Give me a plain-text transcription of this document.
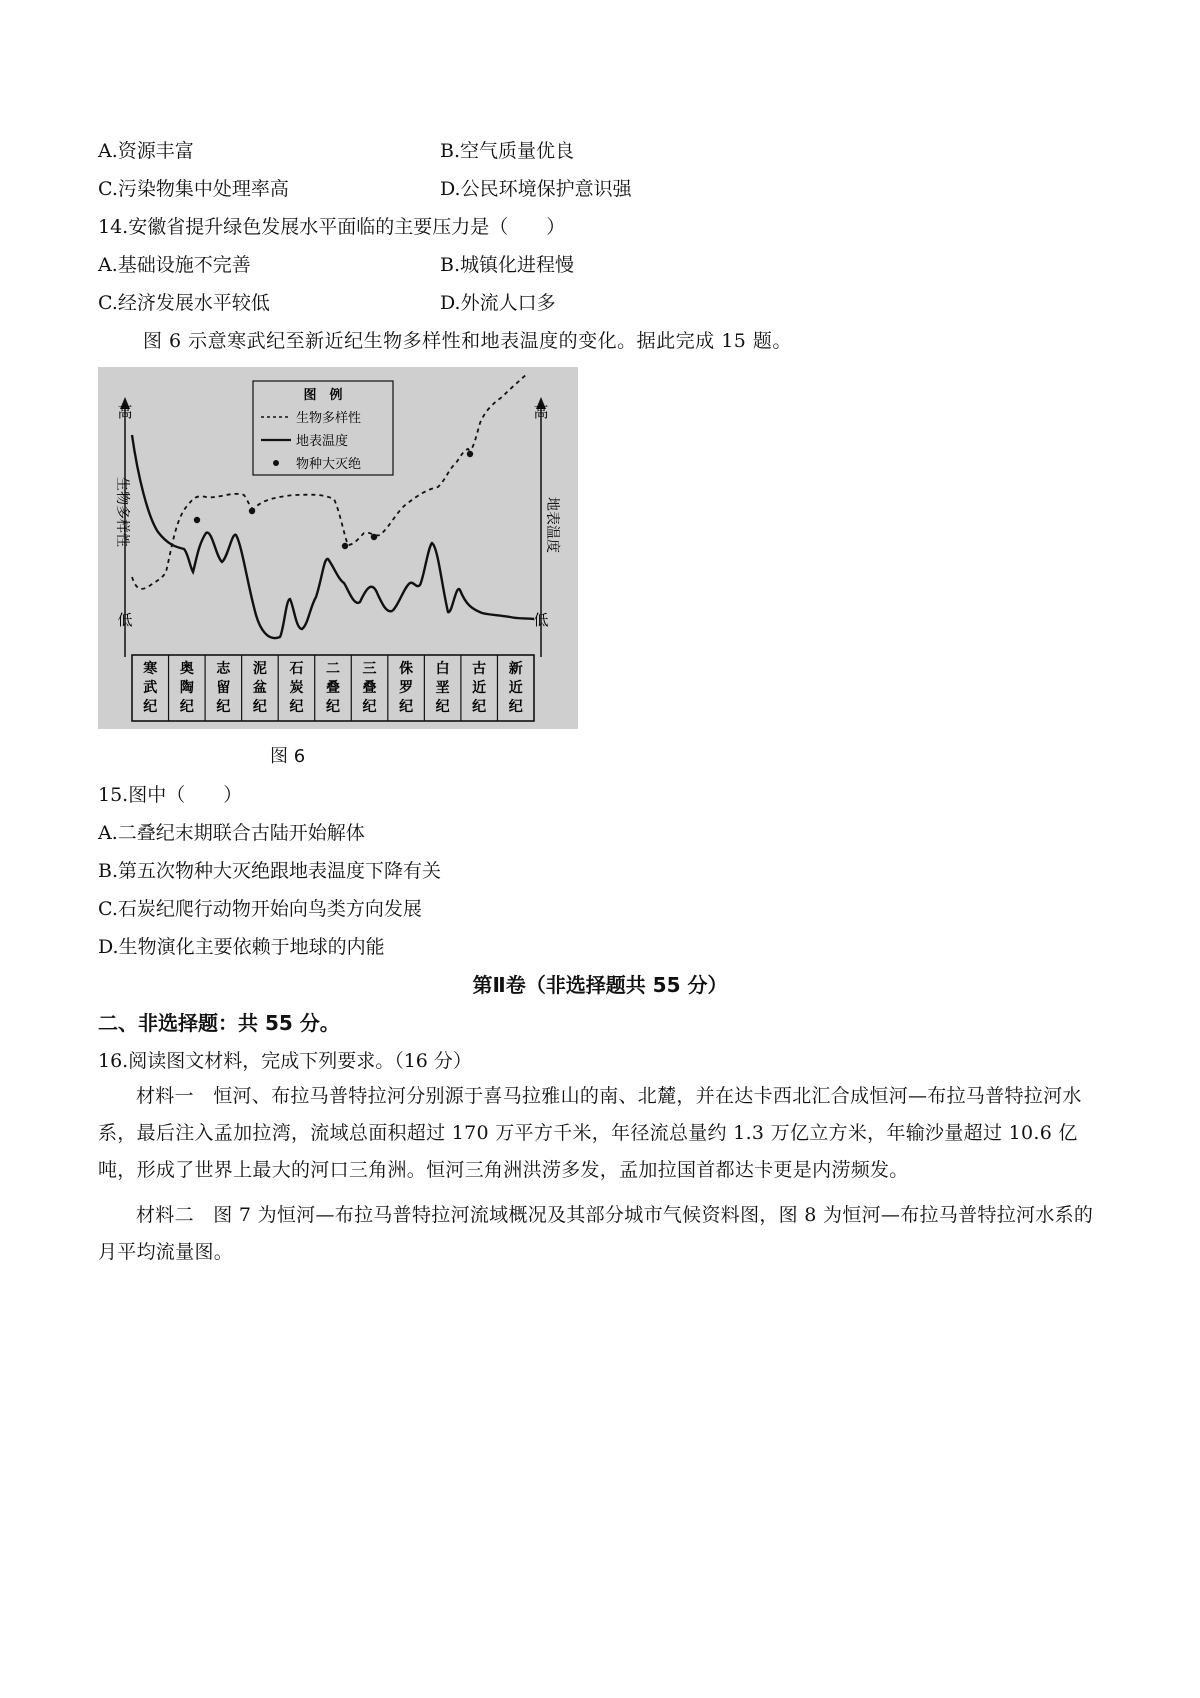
A.资源丰富	B.空气质量优良
C.污染物集中处理率高	D.公民环境保护意识强
14.安徽省提升绿色发展水平面临的主要压力是（　　）
A.基础设施不完善	B.城镇化进程慢
C.经济发展水平较低	D.外流人口多
图 6 示意寒武纪至新近纪生物多样性和地表温度的变化。据此完成 15 题。
高
低
生物多样性
高
低
地表温度
图　例
生物多样性
地表温度
物种大灭绝
寒武纪
奥陶纪
志留纪
泥盆纪
石炭纪
二叠纪
三叠纪
侏罗纪
白垩纪
古近纪
新近纪
图 6
15.图中（　　）
A.二叠纪末期联合古陆开始解体
B.第五次物种大灭绝跟地表温度下降有关
C.石炭纪爬行动物开始向鸟类方向发展
D.生物演化主要依赖于地球的内能
第Ⅱ卷（非选择题共 55 分）
二、非选择题：共 55 分。
16.阅读图文材料，完成下列要求。（16 分）
材料一　恒河、布拉马普特拉河分别源于喜马拉雅山的南、北麓，并在达卡西北汇合成恒河—布拉马普特拉河水系，最后注入孟加拉湾，流域总面积超过 170 万平方千米，年径流总量约 1.3 万亿立方米，年输沙量超过 10.6 亿吨，形成了世界上最大的河口三角洲。恒河三角洲洪涝多发，孟加拉国首都达卡更是内涝频发。
材料二　图 7 为恒河—布拉马普特拉河流域概况及其部分城市气候资料图，图 8 为恒河—布拉马普特拉河水系的月平均流量图。
